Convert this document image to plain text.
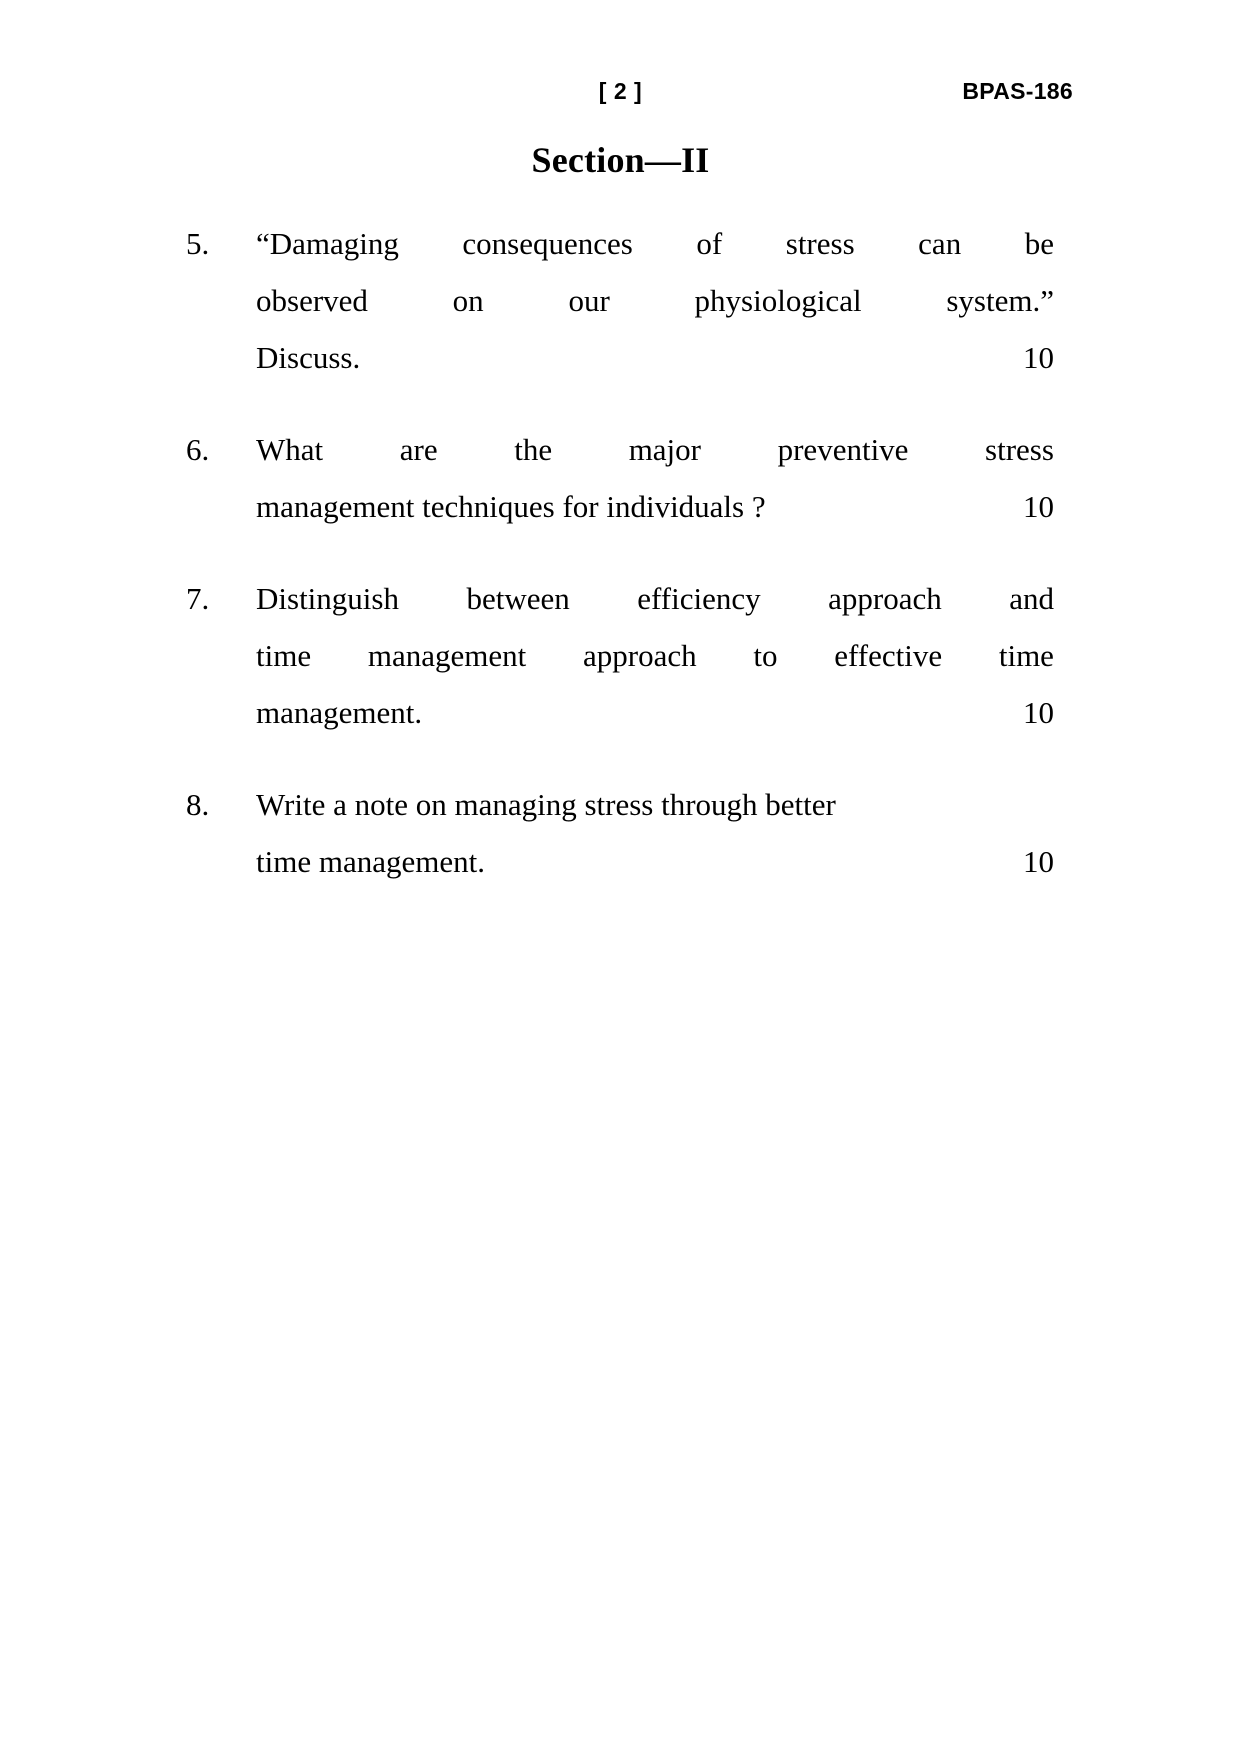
[ 2 ]	BPAS-186
Section—II
5.	“Damaging consequences of stress can be
observed	on	our	physiological	system.”
Discuss.	10
6.	What are the major preventive stress
management techniques for individuals ?	10
7.	Distinguish between efficiency approach and
time management approach to effective time
management.	10
8.	Write a note on managing stress through better
time management.	10
